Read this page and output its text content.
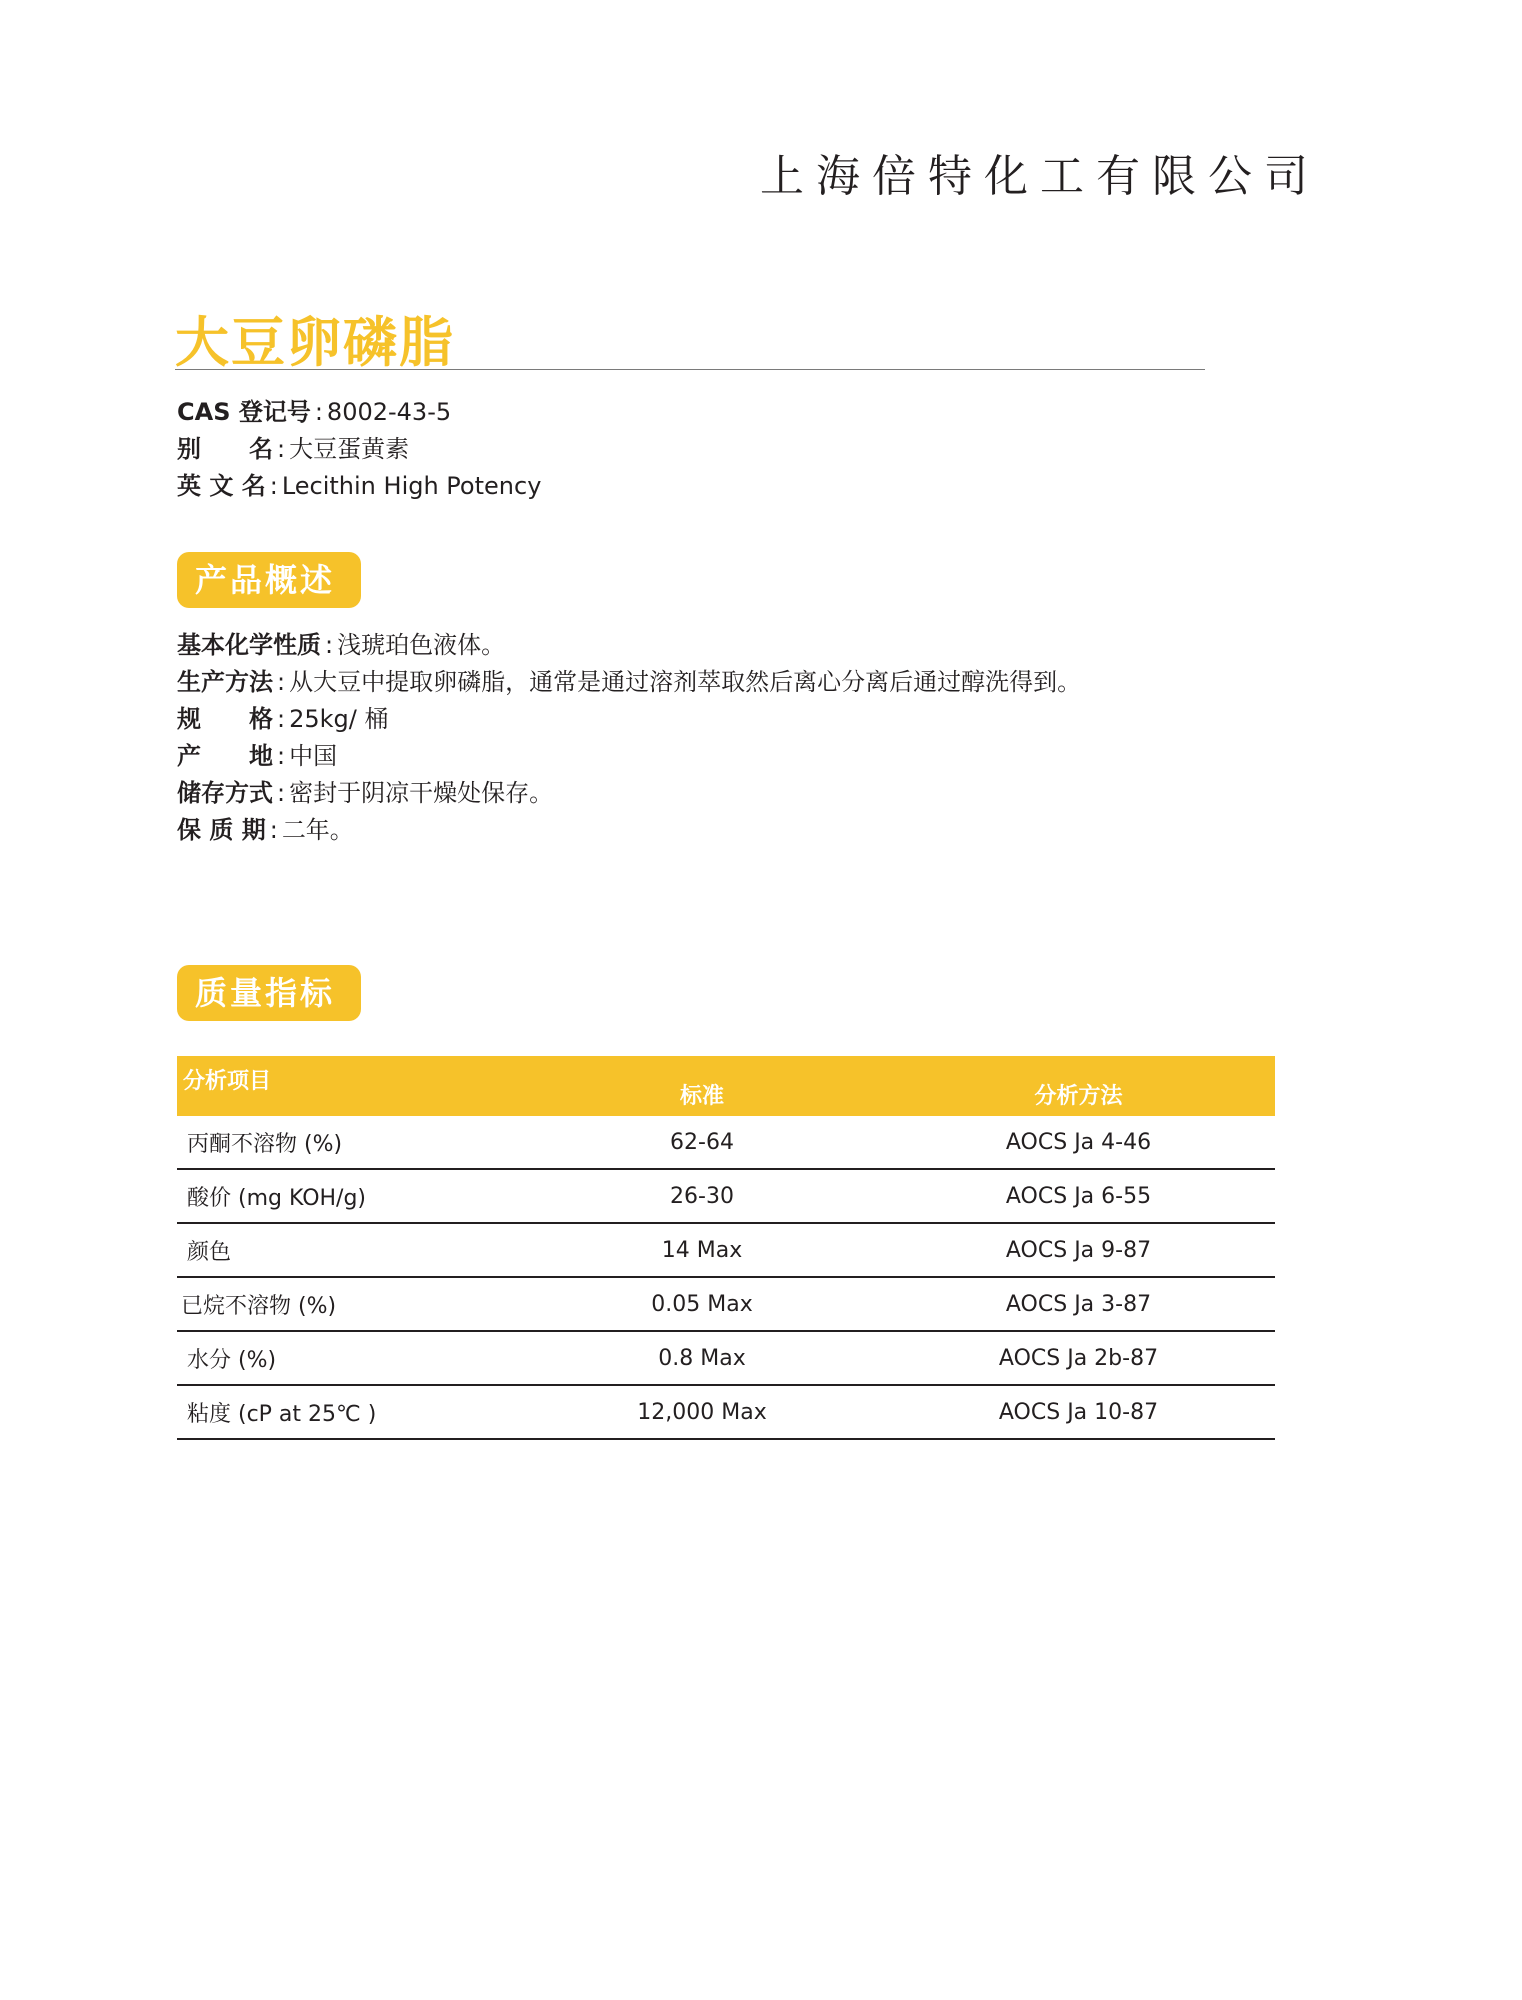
上海倍特化工有限公司
大豆卵磷脂
CAS 登记号 : 8002-43-5
别　　名 : 大豆蛋黄素
英 文 名 : Lecithin High Potency
产品概述
基本化学性质 : 浅琥珀色液体。
生产方法 : 从大豆中提取卵磷脂，通常是通过溶剂萃取然后离心分离后通过醇洗得到。
规　　格 : 25kg/ 桶
产　　地 : 中国
储存方式 : 密封于阴凉干燥处保存。
保 质 期 : 二年。
质量指标
分析项目	标准	分析方法
丙酮不溶物 (%)	62-64	AOCS Ja 4-46
酸价 (mg KOH/g)	26-30	AOCS Ja 6-55
颜色	14 Max	AOCS Ja 9-87
已烷不溶物 (%)	0.05 Max	AOCS Ja 3-87
水分 (%)	0.8 Max	AOCS Ja 2b-87
粘度 (cP at 25℃ )	12,000 Max	AOCS Ja 10-87
